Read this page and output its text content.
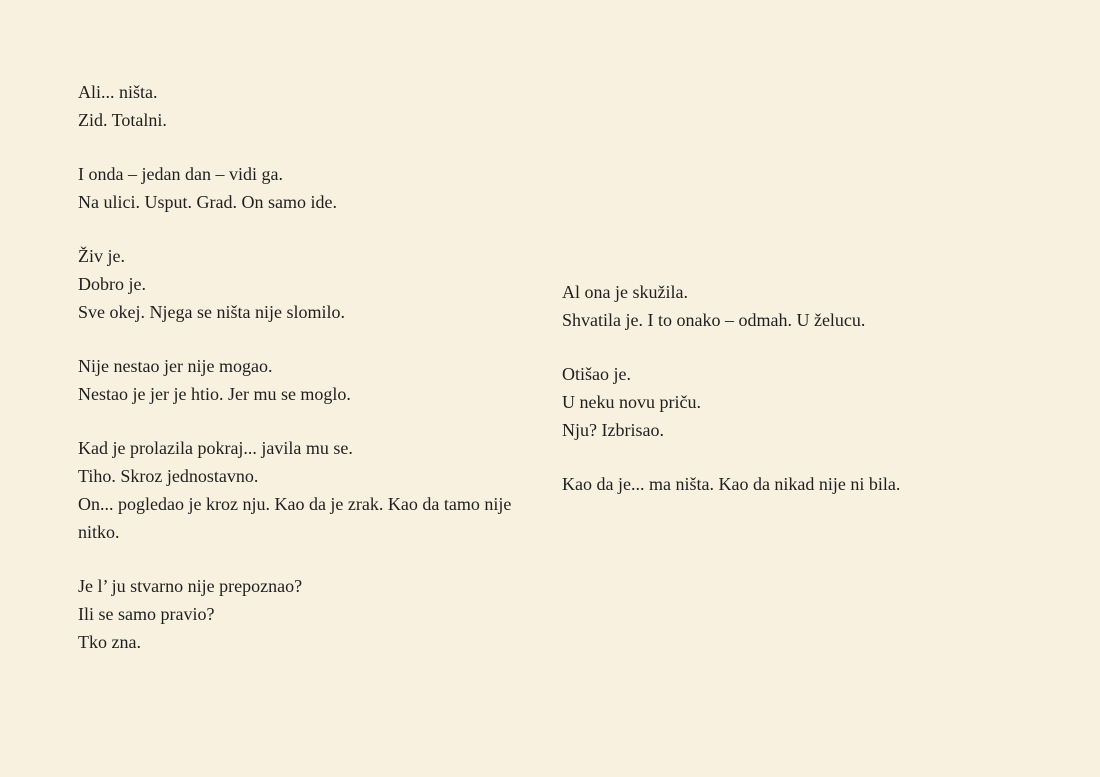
Ali... ništa.
Zid. Totalni.
I onda – jedan dan – vidi ga.
Na ulici. Usput. Grad. On samo ide.
Živ je.
Dobro je.
Sve okej. Njega se ništa nije slomilo.
Nije nestao jer nije mogao.
Nestao je jer je htio. Jer mu se moglo.
Kad je prolazila pokraj... javila mu se.
Tiho. Skroz jednostavno.
On... pogledao je kroz nju. Kao da je zrak. Kao da tamo nije nitko.
Je l’ ju stvarno nije prepoznao?
Ili se samo pravio?
Tko zna.
Al ona je skužila.
Shvatila je. I to onako – odmah. U želucu.
Otišao je.
U neku novu priču.
Nju? Izbrisao.
Kao da je... ma ništa. Kao da nikad nije ni bila.
